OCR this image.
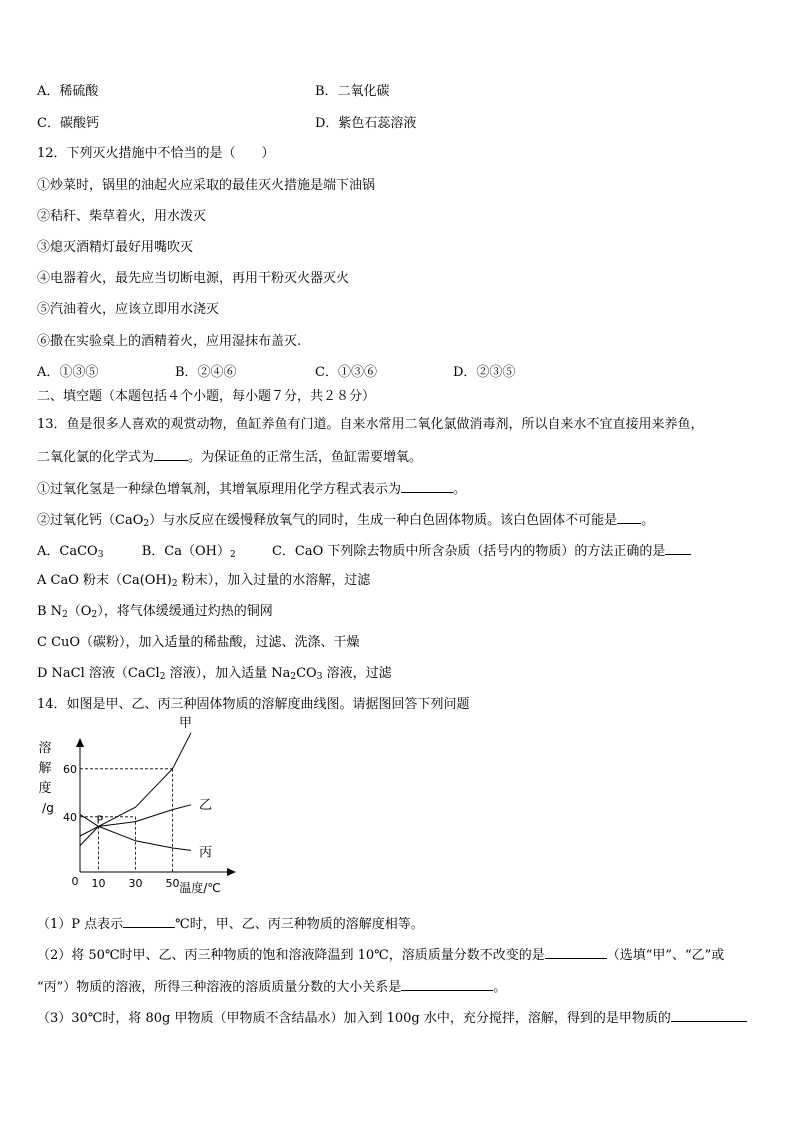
A．稀硫酸	B．二氧化碳
C．碳酸钙	D．紫色石蕊溶液
12．下列灭火措施中不恰当的是（　　）
①炒菜时，锅里的油起火应采取的最佳灭火措施是端下油锅
②秸秆、柴草着火，用水泼灭
③熄灭酒精灯最好用嘴吹灭
④电器着火，最先应当切断电源，再用干粉灭火器灭火
⑤汽油着火，应该立即用水浇灭
⑥撒在实验桌上的酒精着火，应用湿抹布盖灭.
A．①③⑤	B．②④⑥	C．①③⑥	D．②③⑤
二、填空题（本题包括４个小题，每小题７分，共２８分）
13．鱼是很多人喜欢的观赏动物，鱼缸养鱼有门道。自来水常用二氧化氯做消毒剂，所以自来水不宜直接用来养鱼，
二氧化氯的化学式为	。为保证鱼的正常生活，鱼缸需要增氧。
①过氧化氢是一种绿色增氧剂，其增氧原理用化学方程式表示为	。
②过氧化钙（CaO$_2$）与水反应在缓慢释放氧气的同时，生成一种白色固体物质。该白色固体不可能是 。
A．CaCO$_3$	B．$Ca(OH)_2$	C．CaO 下列除去物质中所含杂质（括号内的物质）的方法正确的是
A CaO 粉末（$Ca(OH)_2$ 粉末），加入过量的水溶解，过滤
B $N_2(O_2)$，将气体缓缓通过灼热的铜网
C CuO（碳粉），加入适量的稀盐酸，过滤、洗涤、干燥
D NaCl 溶液（CaCl$_2$ 溶液），加入适量 $Na_2CO_3$ 溶液，过滤
14．如图是甲、乙、丙三种固体物质的溶解度曲线图。请据图回答下列问题
溶
解
度
/g
0 10 30 50
40
60
温度/℃
甲
乙
丙
P
（1）P 点表示	℃时，甲、乙、丙三种物质的溶解度相等。
（2）将 50℃时甲、乙、丙三种物质的饱和溶液降温到 10℃，溶质质量分数不改变的是	（选填“甲”、“乙”或
“丙”）物质的溶液，所得三种溶液的溶质质量分数的大小关系是	。
（3）30℃时，将 80g 甲物质（甲物质不含结晶水）加入到 100g 水中，充分搅拌，溶解，得到的是甲物质的
